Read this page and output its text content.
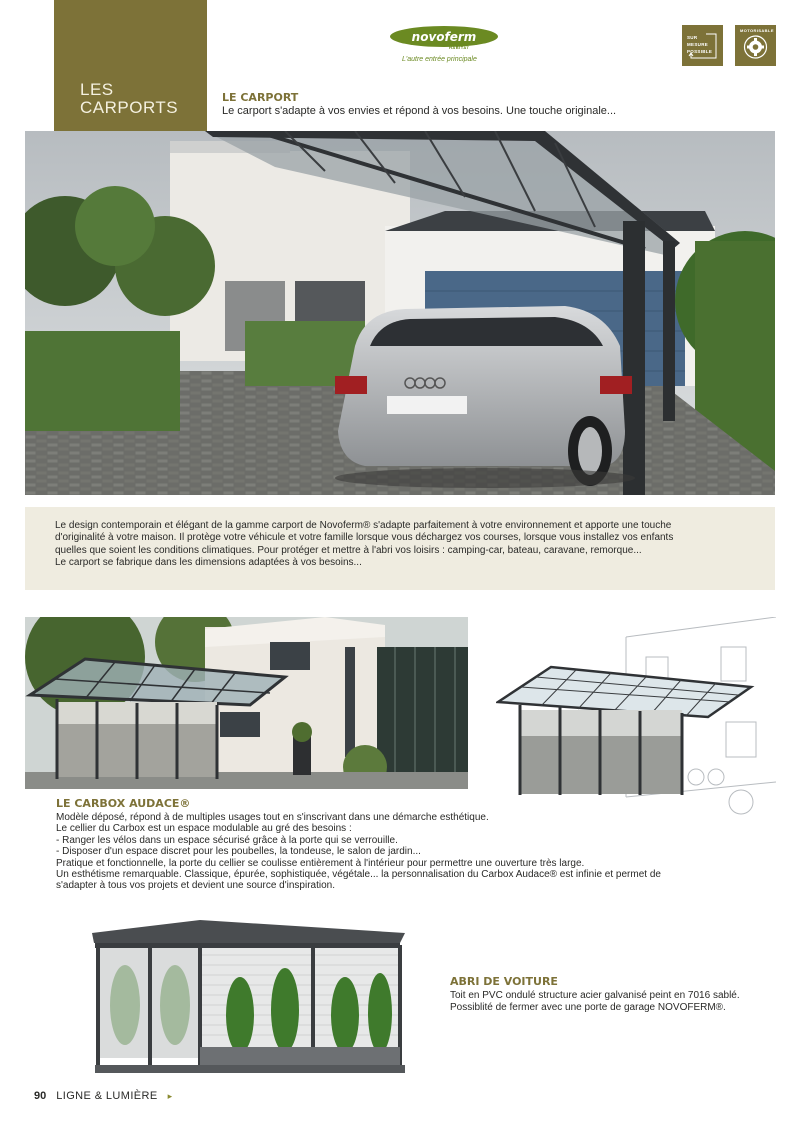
LES
CARPORTS
novoferm
HABITAT
L'autre entrée principale
SUR
MESURE
POSSIBLE
MOTORISABLE
LE CARPORT
Le carport s'adapte à vos envies et répond à vos besoins. Une touche originale...

Le design contemporain et élégant de la gamme carport de Novoferm® s'adapte parfaitement à votre environnement et apporte une touche

d'originalité à votre maison. Il protège votre véhicule et votre famille lorsque vous déchargez vos courses, lorsque vous installez vos enfants

quelles que soient les conditions climatiques. Pour protéger et mettre à l'abri vos loisirs : camping-car, bateau, caravane, remorque...

Le carport se fabrique dans les dimensions adaptées à vos besoins...

LE CARBOX AUDACE®

Modèle déposé, répond à de multiples usages tout en s'inscrivant dans une démarche esthétique.

Le cellier du Carbox est un espace modulable au gré des besoins :

- Ranger les vélos dans un espace sécurisé grâce à la porte qui se verrouille.

- Disposer d'un espace discret pour les poubelles, la tondeuse, le salon de jardin...

Pratique et fonctionnelle, la porte du cellier se coulisse entièrement à l'intérieur pour permettre une ouverture très large.

Un esthétisme remarquable. Classique, épurée, sophistiquée, végétale... la personnalisation du Carbox Audace® est infinie et permet de

s'adapter à tous vos projets et devient une source d'inspiration.

ABRI DE VOITURE

Toit en PVC ondulé structure acier galvanisé peint en 7016 sablé.

Possiblité de fermer avec une porte de garage NOVOFERM®.

90 LIGNE & LUMIÈRE ▸
